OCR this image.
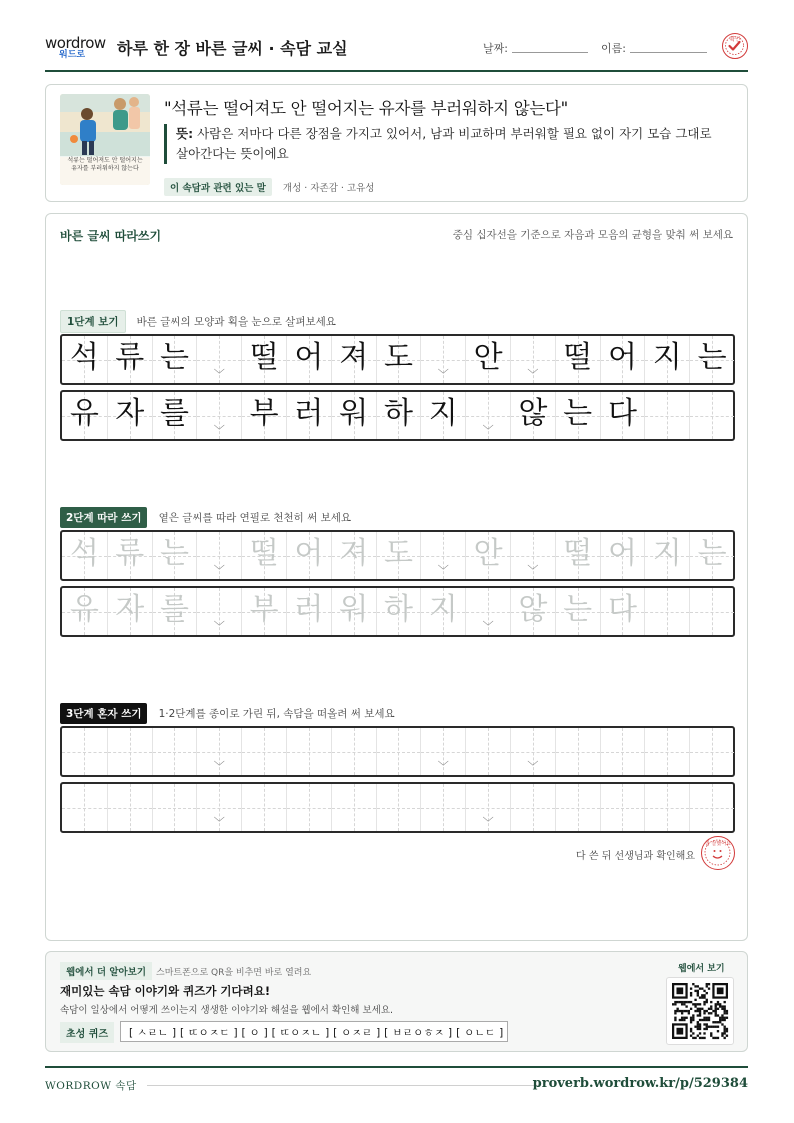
wordrow
워드로 하루 한 장 바른 글씨 · 속담 교실	날짜:	이름:
확인
석류는 떨어져도 안 떨어지는 유자를 부러워하지 않는다
"석류는 떨어져도 안 떨어지는 유자를 부러워하지 않는다"
뜻: 사람은 저마다 다른 장점을 가지고 있어서, 남과 비교하며 부러워할 필요 없이 자기 모습 그대로 살아간다는 뜻이에요
이 속담과 관련 있는 말 개성 · 자존감 · 고유성
바른 글씨 따라쓰기	중심 십자선을 기준으로 자음과 모음의 균형을 맞춰 써 보세요
1단계 보기 바른 글씨의 모양과 획을 눈으로 살펴보세요
석 류 는	﹀ 떨 어 져 도	﹀ 안	﹀ 떨 어 지 는
유 자 를	﹀ 부 러 워 하 지	﹀ 않 는 다
2단계 따라 쓰기 옅은 글씨를 따라 연필로 천천히 써 보세요
석 류 는	﹀ 떨 어 져 도	﹀ 안	﹀ 떨 어 지 는
유 자 를	﹀ 부 러 워 하 지	﹀ 않 는 다
3단계 혼자 쓰기 1·2단계를 종이로 가린 뒤, 속담을 떠올려 써 보세요
﹀	﹀	﹀
﹀	﹀
다 쓴 뒤 선생님과 확인해요
참 잘했어요
웹에서 더 알아보기	스마트폰으로 QR을 비추면 바로 열려요
재미있는 속담 이야기와 퀴즈가 기다려요!
속담이 일상에서 어떻게 쓰이는지 생생한 이야기와 해설을 웹에서 확인해 보세요.
초성 퀴즈	[ ㅅㄹㄴ ] [ ㄸㅇㅈㄷ ] [ ㅇ ] [ ㄸㅇㅈㄴ ] [ ㅇㅈㄹ ] [ ㅂㄹㅇㅎㅈ ] [ ㅇㄴㄷ ]
웹에서 보기
WORDROW 속담	proverb.wordrow.kr/p/529384
